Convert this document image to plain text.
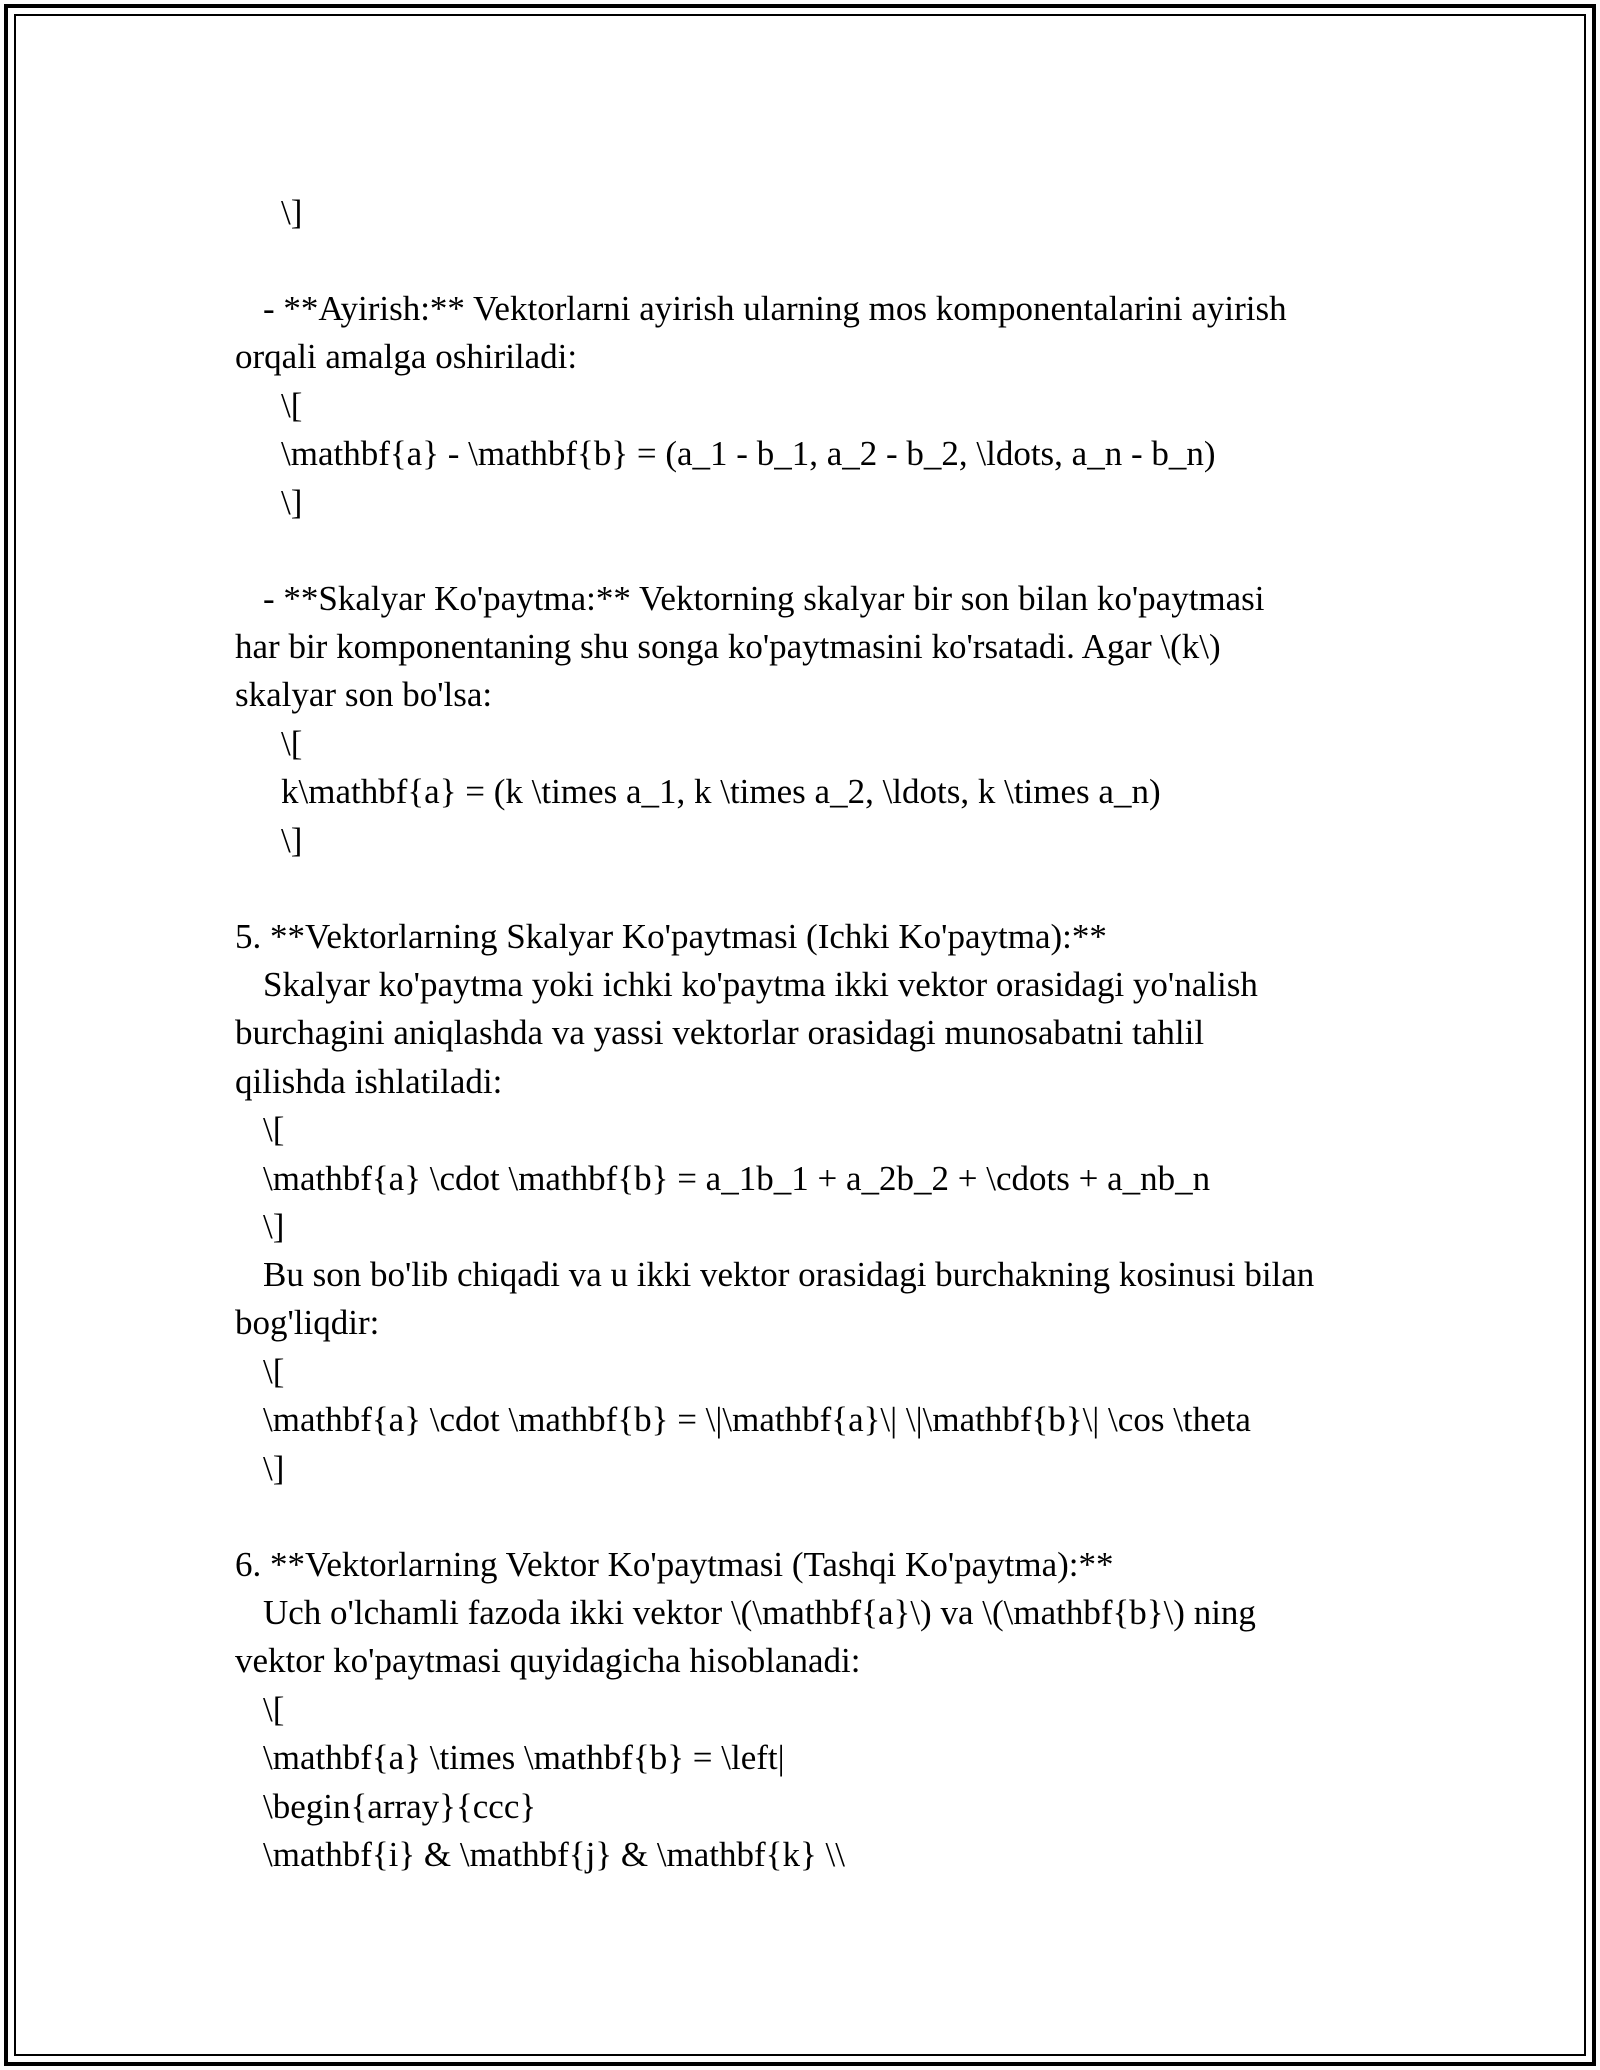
\]
- **Ayirish:** Vektorlarni ayirish ularning mos komponentalarini ayirish
orqali amalga oshiriladi:
\[
\mathbf{a} - \mathbf{b} = (a_1 - b_1, a_2 - b_2, \ldots, a_n - b_n)
\]
- **Skalyar Ko'paytma:** Vektorning skalyar bir son bilan ko'paytmasi
har bir komponentaning shu songa ko'paytmasini ko'rsatadi. Agar \(k\)
skalyar son bo'lsa:
\[
k\mathbf{a} = (k \times a_1, k \times a_2, \ldots, k \times a_n)
\]
5. **Vektorlarning Skalyar Ko'paytmasi (Ichki Ko'paytma):**
Skalyar ko'paytma yoki ichki ko'paytma ikki vektor orasidagi yo'nalish
burchagini aniqlashda va yassi vektorlar orasidagi munosabatni tahlil
qilishda ishlatiladi:
\[
\mathbf{a} \cdot \mathbf{b} = a_1b_1 + a_2b_2 + \cdots + a_nb_n
\]
Bu son bo'lib chiqadi va u ikki vektor orasidagi burchakning kosinusi bilan
bog'liqdir:
\[
\mathbf{a} \cdot \mathbf{b} = \|\mathbf{a}\| \|\mathbf{b}\| \cos \theta
\]
6. **Vektorlarning Vektor Ko'paytmasi (Tashqi Ko'paytma):**
Uch o'lchamli fazoda ikki vektor \(\mathbf{a}\) va \(\mathbf{b}\) ning
vektor ko'paytmasi quyidagicha hisoblanadi:
\[
\mathbf{a} \times \mathbf{b} = \left|
\begin{array}{ccc}
\mathbf{i} & \mathbf{j} & \mathbf{k} \\
